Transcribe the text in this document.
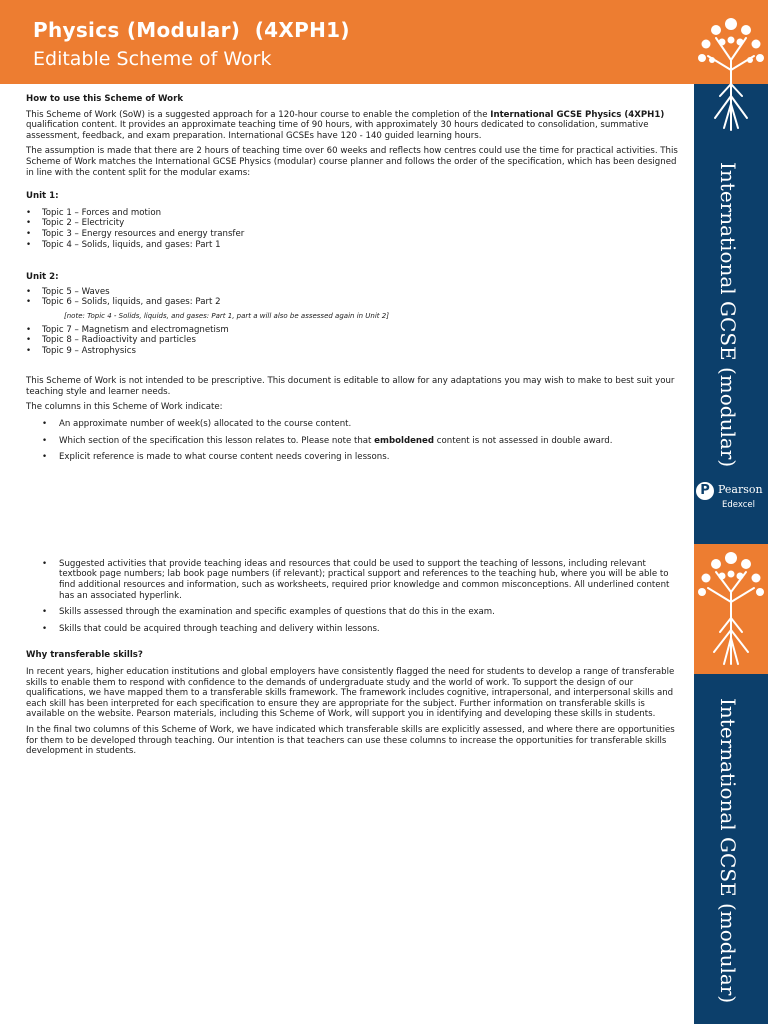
Physics (Modular)  (4XPH1)
Editable Scheme of Work
International GCSE (modular)
P Pearson
Edexcel
International GCSE (modular)

How to use this Scheme of Work

This Scheme of Work (SoW) is a suggested approach for a 120-hour course to enable the completion of the International GCSE Physics (4XPH1) qualification content. It provides an approximate teaching time of 90 hours, with approximately 30 hours dedicated to consolidation, summative assessment, feedback, and exam preparation. International GCSEs have 120 - 140 guided learning hours.

The assumption is made that there are 2 hours of teaching time over 60 weeks and reflects how centres could use the time for practical activities. This Scheme of Work matches the International GCSE Physics (modular) course planner and follows the order of the specification, which has been designed in line with the content split for the modular exams:

Unit 1:
• Topic 1 – Forces and motion
• Topic 2 – Electricity
• Topic 3 – Energy resources and energy transfer
• Topic 4 – Solids, liquids, and gases: Part 1
Unit 2:
• Topic 5 – Waves
• Topic 6 – Solids, liquids, and gases: Part 2
[note: Topic 4 - Solids, liquids, and gases: Part 1, part a will also be assessed again in Unit 2]
• Topic 7 – Magnetism and electromagnetism
• Topic 8 – Radioactivity and particles
• Topic 9 – Astrophysics

This Scheme of Work is not intended to be prescriptive. This document is editable to allow for any adaptations you may wish to make to best suit your teaching style and learner needs.

The columns in this Scheme of Work indicate:

• An approximate number of week(s) allocated to the course content.
• Which section of the specification this lesson relates to. Please note that emboldened content is not assessed in double award.
• Explicit reference is made to what course content needs covering in lessons.
• Suggested activities that provide teaching ideas and resources that could be used to support the teaching of lessons, including relevant textbook page numbers; lab book page numbers (if relevant); practical support and references to the teaching hub, where you will be able to find additional resources and information, such as worksheets, required prior knowledge and common misconceptions. All underlined content has an associated hyperlink.
• Skills assessed through the examination and specific examples of questions that do this in the exam.
• Skills that could be acquired through teaching and delivery within lessons.

Why transferable skills?

In recent years, higher education institutions and global employers have consistently flagged the need for students to develop a range of transferable skills to enable them to respond with confidence to the demands of undergraduate study and the world of work. To support the design of our qualifications, we have mapped them to a transferable skills framework. The framework includes cognitive, intrapersonal, and interpersonal skills and each skill has been interpreted for each specification to ensure they are appropriate for the subject. Further information on transferable skills is available on the website. Pearson materials, including this Scheme of Work, will support you in identifying and developing these skills in students.

In the final two columns of this Scheme of Work, we have indicated which transferable skills are explicitly assessed, and where there are opportunities for them to be developed through teaching. Our intention is that teachers can use these columns to increase the opportunities for transferable skills development in students.
